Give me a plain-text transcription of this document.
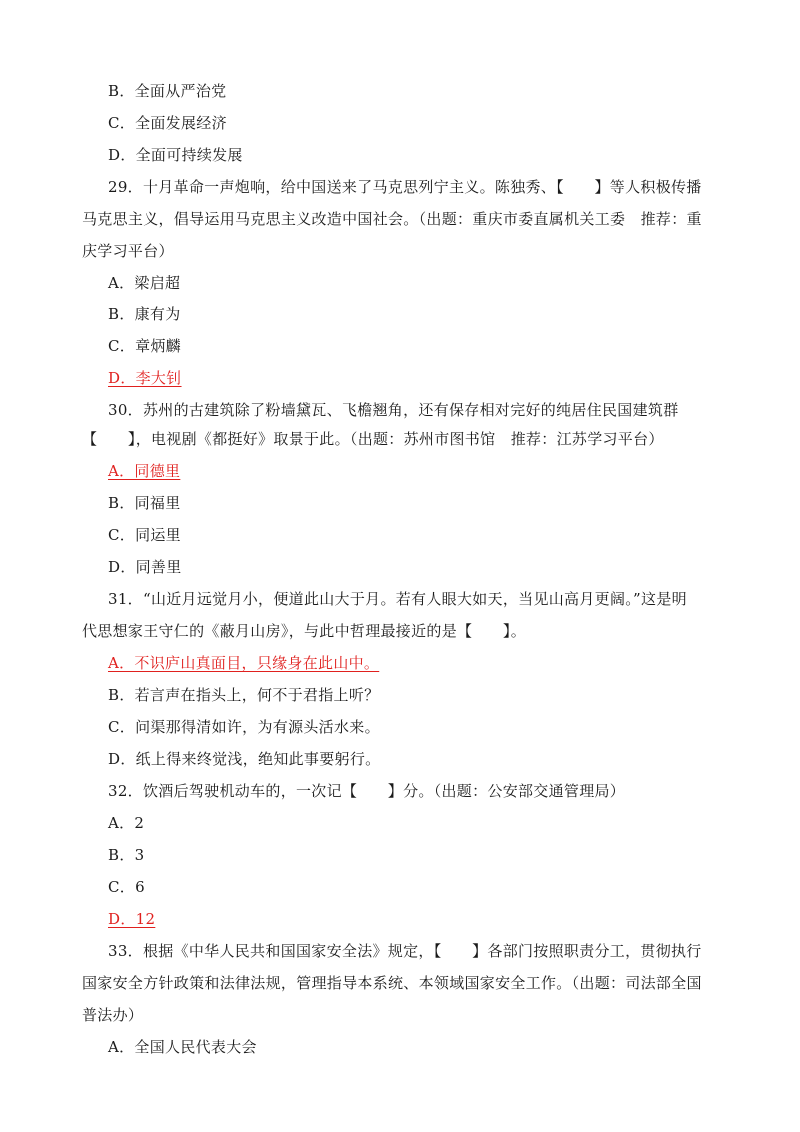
B．全面从严治党
C．全面发展经济
D．全面可持续发展
29．十月革命一声炮响，给中国送来了马克思列宁主义。陈独秀、【　　】等人积极传播
马克思主义，倡导运用马克思主义改造中国社会。（出题：重庆市委直属机关工委　推荐：重
庆学习平台）
A．梁启超
B．康有为
C．章炳麟
D．李大钊
30．苏州的古建筑除了粉墙黛瓦、飞檐翘角，还有保存相对完好的纯居住民国建筑群
【　　】，电视剧《都挺好》取景于此。（出题：苏州市图书馆　推荐：江苏学习平台）
A．同德里
B．同福里
C．同运里
D．同善里
31．“山近月远觉月小，便道此山大于月。若有人眼大如天，当见山高月更阔。”这是明
代思想家王守仁的《蔽月山房》，与此中哲理最接近的是【　　】。
A．不识庐山真面目，只缘身在此山中。
B．若言声在指头上，何不于君指上听？
C．问渠那得清如许，为有源头活水来。
D．纸上得来终觉浅，绝知此事要躬行。
32．饮酒后驾驶机动车的，一次记【　　】分。（出题：公安部交通管理局）
A．2
B．3
C．6
D．12
33．根据《中华人民共和国国家安全法》规定，【　　】各部门按照职责分工，贯彻执行
国家安全方针政策和法律法规，管理指导本系统、本领域国家安全工作。（出题：司法部全国
普法办）
A．全国人民代表大会
